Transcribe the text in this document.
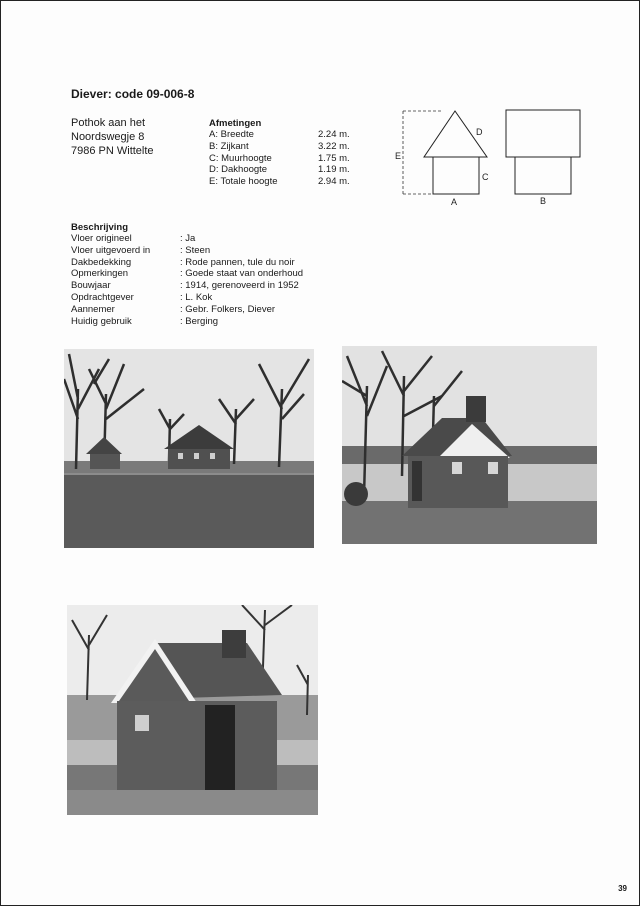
Diever: code 09-006-8
Pothok aan het
Noordswegje 8
7986 PN Wittelte
Afmetingen
A: Breedte	2.24 m.
B: Zijkant	3.22 m.
C: Muurhoogte	1.75 m.
D: Dakhoogte	1.19 m.
E: Totale hoogte	2.94 m.
E
D
C
A	B
Beschrijving
Vloer origineel	: Ja
Vloer uitgevoerd in	: Steen
Dakbedekking	: Rode pannen, tule du noir
Opmerkingen	: Goede staat van onderhoud
Bouwjaar	: 1914, gerenoveerd in 1952
Opdrachtgever	: L. Kok
Aannemer	: Gebr. Folkers, Diever
Huidig gebruik	: Berging
39
